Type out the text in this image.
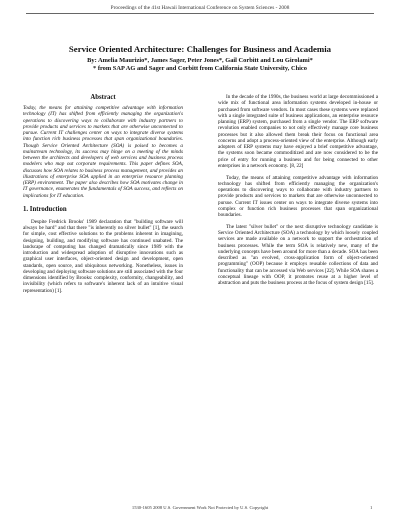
Proceedings of the 41st Hawaii International Conference on System Sciences - 2008
Service Oriented Architecture: Challenges for Business and Academia
By: Amelia Maurizio*, James Sager, Peter Jones*, Gail Corbitt and Lou Girolami*
* from SAP AG and Sager and Corbitt from California State University, Chico
Abstract

Today, the means for attaining competitive advantage with information technology (IT) has shifted from efficiently managing the organization's operations to discovering ways to collaborate with industry partners to provide products and services to markets that are otherwise unconnected to pursue. Current IT challenges center on ways to integrate diverse systems into function rich business processes that span organizational boundaries. Though Service Oriented Architecture (SOA) is poised to becomes a mainstream technology, its success may hinge on a meeting of the minds between the architects and developers of web services and business process modelers who map out corporate requirements. This paper defines SOA, discusses how SOA relates to business process management, and provides an illustrations of enterprise SOA applied in an enterprise resource planning (ERP) environment. The paper also describes how SOA motivates change in IT governance, enumerates the fundamentals of SOA success, and reflects on implications for IT education.

1. Introduction

Despite Fredrick Brooks' 1989 declaration that "building software will always be hard" and that there "is inherently no silver bullet" [1], the search for simple, cost effective solutions to the problems inherent in imagining, designing, building, and modifying software has continued unabated. The landscape of computing has changed dramatically since 1989 with the introduction and widespread adoption of disruptive innovations such as graphical user interfaces, object-oriented design and development, open standards, open source, and ubiquitous networking. Nonetheless, issues in developing and deploying software solutions are still associated with the four dimensions identified by Brooks: complexity, conformity, changeability, and invisibility (which refers to software's inherent lack of an intuitive visual representation) [1].

In the decade of the 1990s, the business world at large decommissioned a wide mix of functional area information systems developed in-house or purchased from software vendors. In most cases these systems were replaced with a single integrated suite of business applications, an enterprise resource planning (ERP) system, purchased from a single vendor. The ERP software revolution enabled companies to not only effectively manage core business processes but it also allowed them break their focus on functional area concerns and adopt a process-oriented view of the enterprise. Although early adopters of ERP systems may have enjoyed a brief competitive advantage, the systems soon became commoditized and are now considered to be the price of entry for running a business and for being connected to other enterprises in a network economy. [8, 22]

Today, the means of attaining competitive advantage with information technology has shifted from efficiently managing the organization's operations to discovering ways to collaborate with industry partners to provide products and services to markets that are otherwise unconnected to pursue. Current IT issues center on ways to integrate diverse systems into complex or function rich business processes that span organizational boundaries.

The latest "silver bullet" or the next disruptive technology candidate is Service Oriented Architecture (SOA) a technology by which loosely coupled services are made available on a network to support the orchestration of business processes. While the term SOA is relatively new, many of the underlying concepts have been around for more than a decade. SOA has been described as "an evolved, cross-application form of object-oriented programming" (OOP) because it employs reusable collections of data and functionality that can be accessed via Web services [22]. While SOA shares a conceptual lineage with OOP, it promotes reuse at a higher level of abstraction and puts the business process at the focus of system design [15].

1530-1605 2008 U.S. Government Work Not Protected by U.S. Copyright	1
